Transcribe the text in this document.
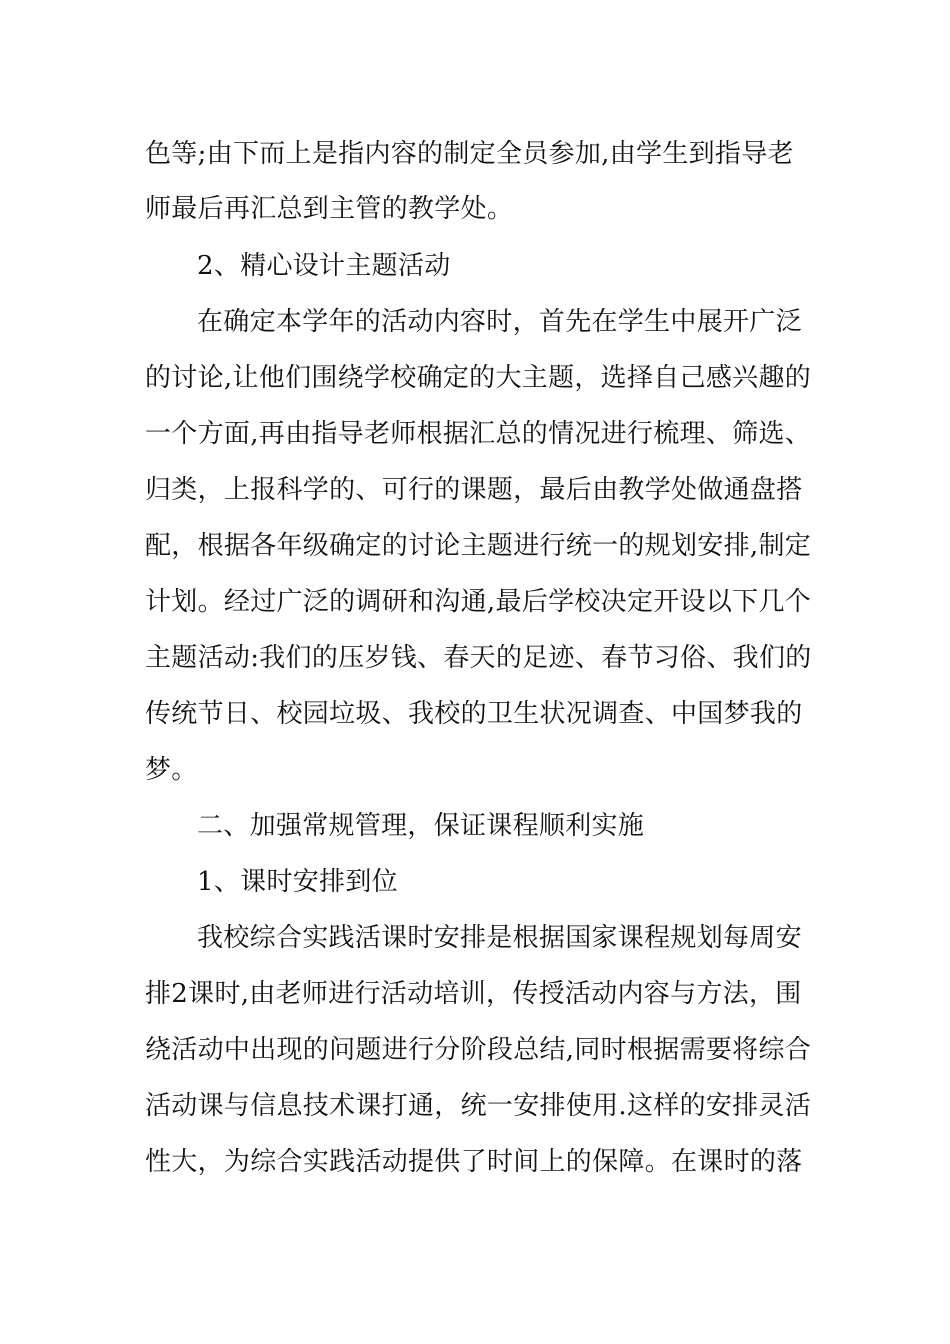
色等;由下而上是指内容的制定全员参加,由学生到指导老
师最后再汇总到主管的教学处。
2、精心设计主题活动
在确定本学年的活动内容时，首先在学生中展开广泛
的讨论,让他们围绕学校确定的大主题，选择自己感兴趣的
一个方面,再由指导老师根据汇总的情况进行梳理、筛选、
归类，上报科学的、可行的课题，最后由教学处做通盘搭
配，根据各年级确定的讨论主题进行统一的规划安排,制定
计划。经过广泛的调研和沟通,最后学校决定开设以下几个
主题活动:我们的压岁钱、春天的足迹、春节习俗、我们的
传统节日、校园垃圾、我校的卫生状况调查、中国梦我的
梦。
二、加强常规管理，保证课程顺利实施
1、课时安排到位
我校综合实践活课时安排是根据国家课程规划每周安
排2课时,由老师进行活动培训，传授活动内容与方法，围
绕活动中出现的问题进行分阶段总结,同时根据需要将综合
活动课与信息技术课打通，统一安排使用.这样的安排灵活
性大，为综合实践活动提供了时间上的保障。在课时的落
